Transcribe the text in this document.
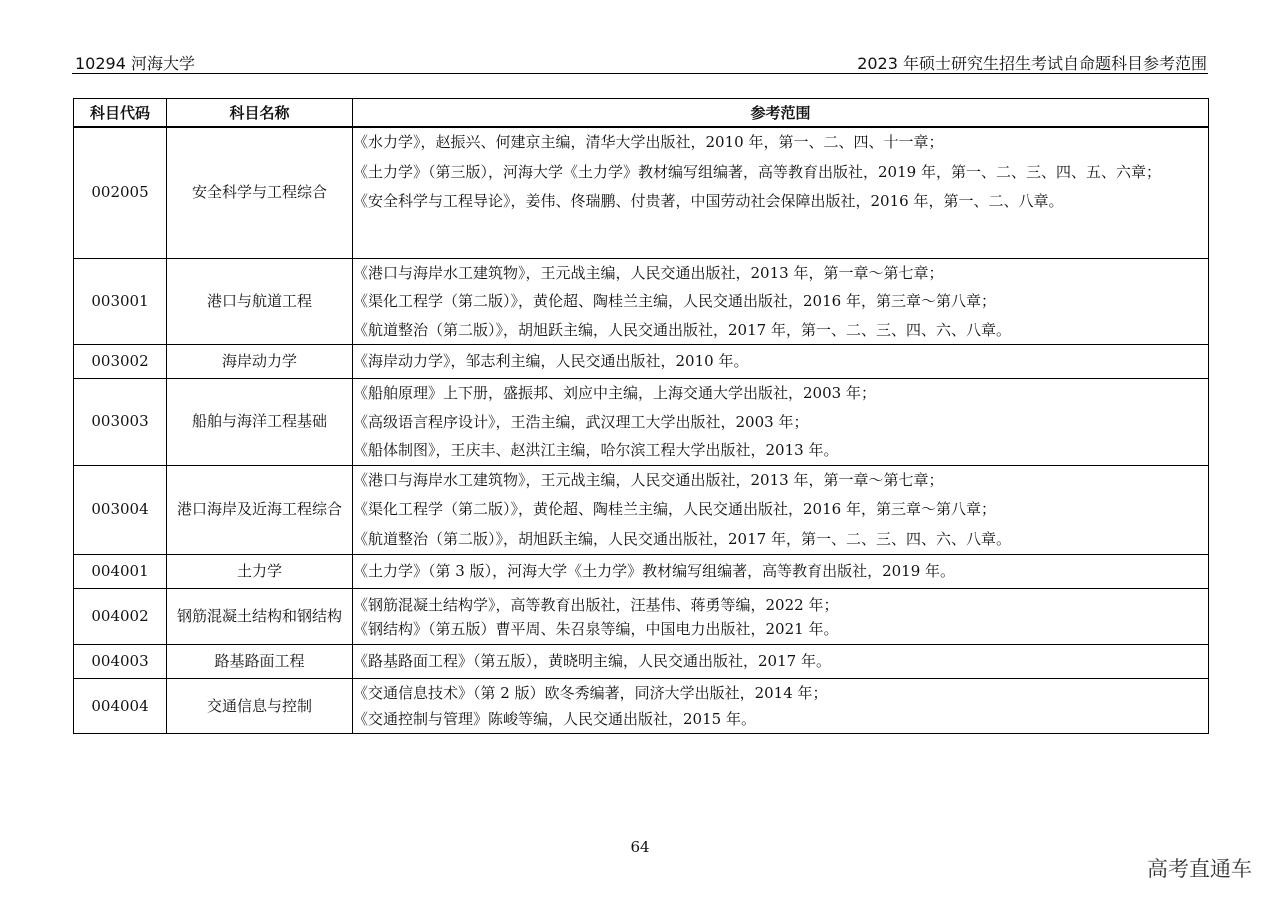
10294 河海大学	2023 年硕士研究生招生考试自命题科目参考范围
科目代码	科目名称	参考范围
002005	安全科学与工程综合	《水力学》，赵振兴、何建京主编，清华大学出版社，2010 年，第一、二、四、十一章；
《土力学》（第三版），河海大学《土力学》教材编写组编著，高等教育出版社，2019 年，第一、二、三、四、五、六章；
《安全科学与工程导论》，姜伟、佟瑞鹏、付贵著，中国劳动社会保障出版社，2016 年，第一、二、八章。

003001	港口与航道工程	《港口与海岸水工建筑物》，王元战主编，人民交通出版社，2013 年，第一章～第七章；
《渠化工程学（第二版）》，黄伦超、陶桂兰主编，人民交通出版社，2016 年，第三章～第八章；
《航道整治（第二版）》，胡旭跃主编，人民交通出版社，2017 年，第一、二、三、四、六、八章。

003002	海岸动力学	《海岸动力学》，邹志利主编，人民交通出版社，2010 年。

003003	船舶与海洋工程基础	《船舶原理》上下册，盛振邦、刘应中主编，上海交通大学出版社，2003 年；
《高级语言程序设计》，王浩主编，武汉理工大学出版社，2003 年；
《船体制图》，王庆丰、赵洪江主编，哈尔滨工程大学出版社，2013 年。

003004	港口海岸及近海工程综合	《港口与海岸水工建筑物》，王元战主编，人民交通出版社，2013 年，第一章～第七章；
《渠化工程学（第二版）》，黄伦超、陶桂兰主编，人民交通出版社，2016 年，第三章～第八章；
《航道整治（第二版）》，胡旭跃主编，人民交通出版社，2017 年，第一、二、三、四、六、八章。

004001	土力学	《土力学》（第 3 版），河海大学《土力学》教材编写组编著，高等教育出版社，2019 年。

004002	钢筋混凝土结构和钢结构	《钢筋混凝土结构学》，高等教育出版社，汪基伟、蒋勇等编，2022 年；
《钢结构》（第五版）曹平周、朱召泉等编，中国电力出版社，2021 年。

004003	路基路面工程	《路基路面工程》（第五版），黄晓明主编，人民交通出版社，2017 年。

004004	交通信息与控制	《交通信息技术》（第 2 版）欧冬秀编著，同济大学出版社，2014 年；
《交通控制与管理》陈峻等编，人民交通出版社，2015 年。
64
高考直通车
